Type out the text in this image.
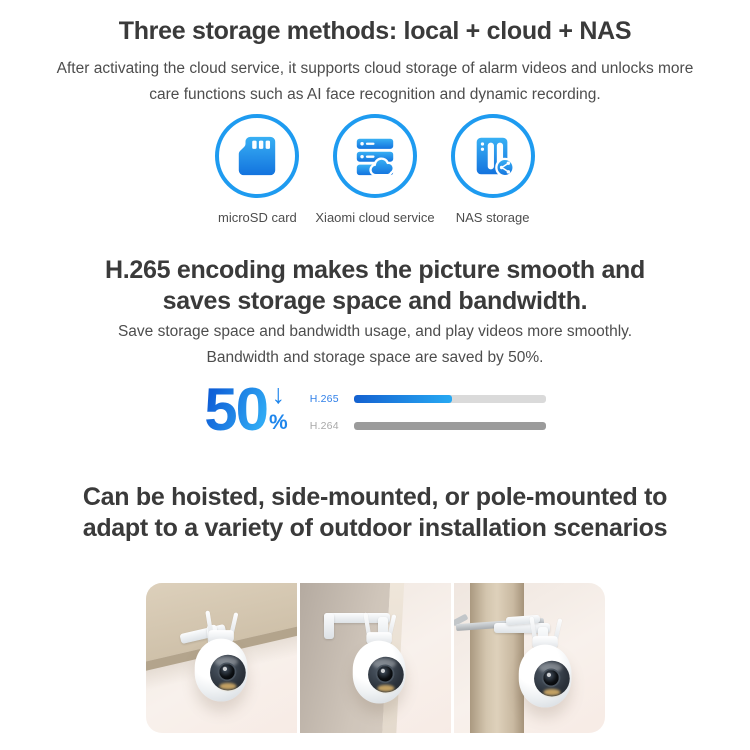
Three storage methods: local + cloud + NAS
After activating the cloud service, it supports cloud storage of alarm videos and unlocks more
care functions such as AI face recognition and dynamic recording.
microSD card Xiaomi cloud service NAS storage
H.265 encoding makes the picture smooth and
saves storage space and bandwidth.
Save storage space and bandwidth usage, and play videos more smoothly.
Bandwidth and storage space are saved by 50%.
50 ↓
%
H.265
H.264
Can be hoisted, side-mounted, or pole-mounted to
adapt to a variety of outdoor installation scenarios
